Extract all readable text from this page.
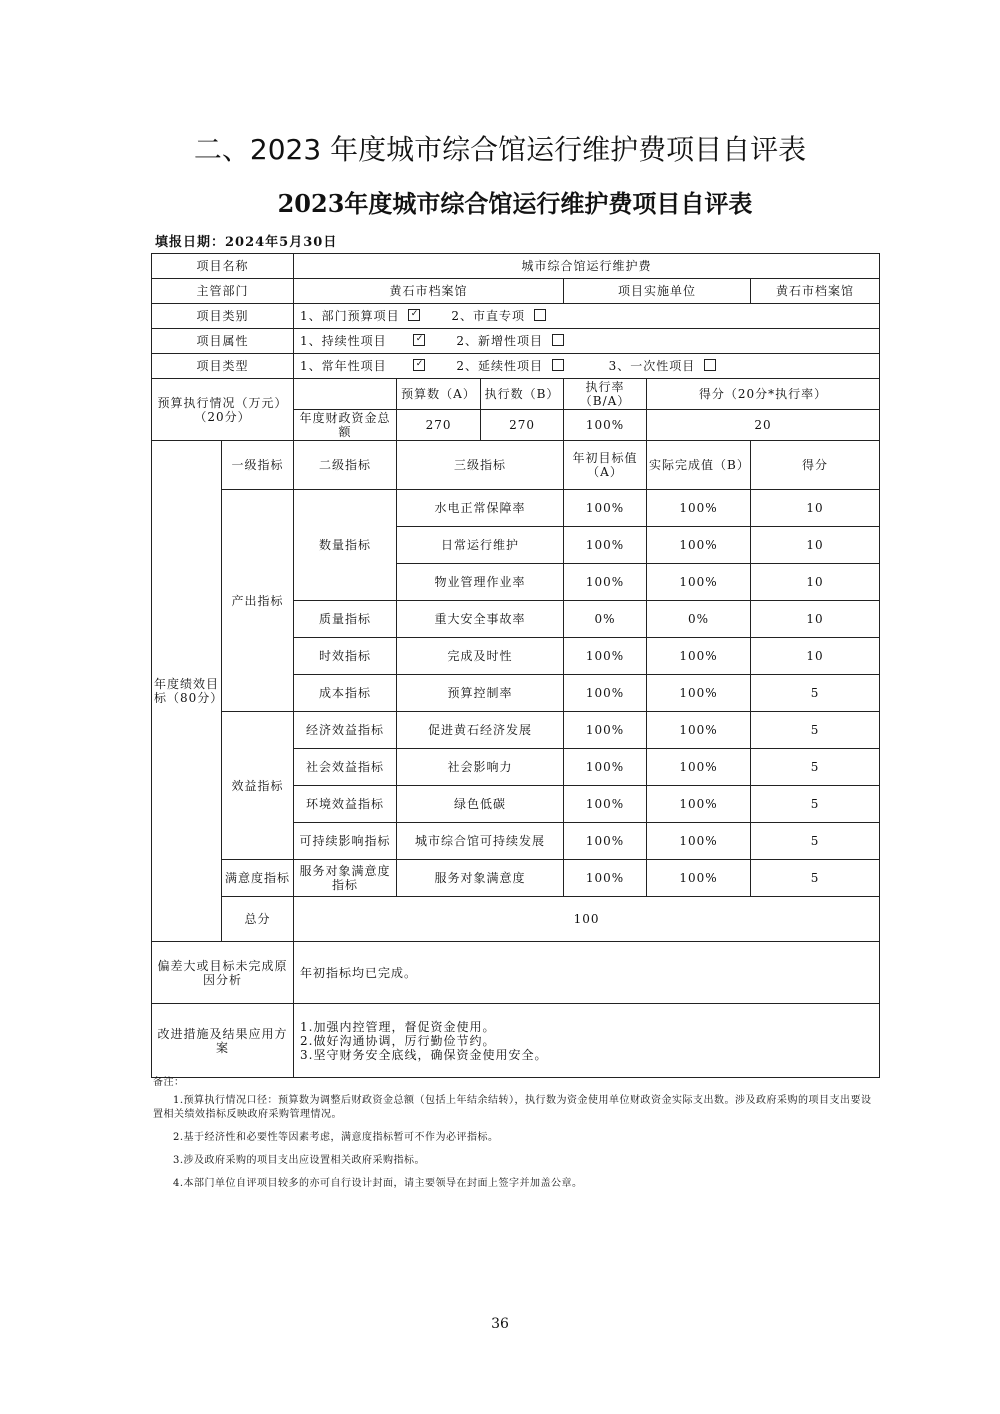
二、2023 年度城市综合馆运行维护费项目自评表
2023年度城市综合馆运行维护费项目自评表
填报日期：2024年5月30日
项目名称		城市综合馆运行维护费					
主管部门		黄石市档案馆			项目实施单位		黄石市档案馆
项目类别		1、部门预算项目 ✓ 2、市直专项
项目属性		1、持续性项目 ✓ 2、新增性项目
项目类型		1、常年性项目 ✓ 2、延续性项目 3、一次性项目
预算执行情况（万元）（20分）			预算数（A）	执行数（B）	执行率（B/A）	得分（20分*执行率）	
		年度财政资金总额	270	270	100%	20	
年度绩效目标（80分）	一级指标	二级指标	三级指标		年初目标值（A）	实际完成值（B）	得分
	产出指标	数量指标	水电正常保障率		100%	100%	10
			日常运行维护		100%	100%	10
			物业管理作业率		100%	100%	10
		质量指标	重大安全事故率		0%	0%	10
		时效指标	完成及时性		100%	100%	10
		成本指标	预算控制率		100%	100%	5
	效益指标	经济效益指标	促进黄石经济发展		100%	100%	5
		社会效益指标	社会影响力		100%	100%	5
		环境效益指标	绿色低碳		100%	100%	5
		可持续影响指标	城市综合馆可持续发展		100%	100%	5
	满意度指标	服务对象满意度指标	服务对象满意度		100%	100%	5
	总分	100					
偏差大或目标未完成原因分析		年初指标均已完成。					
改进措施及结果应用方案		1.加强内控管理，督促资金使用。
2.做好沟通协调，厉行勤俭节约。
3.坚守财务安全底线，确保资金使用安全。					

备注：

1.预算执行情况口径：预算数为调整后财政资金总额（包括上年结余结转），执行数为资金使用单位财政资金实际支出数。涉及政府采购的项目支出要设置相关绩效指标反映政府采购管理情况。

2.基于经济性和必要性等因素考虑，满意度指标暂可不作为必评指标。

3.涉及政府采购的项目支出应设置相关政府采购指标。

4.本部门单位自评项目较多的亦可自行设计封面，请主要领导在封面上签字并加盖公章。

36
